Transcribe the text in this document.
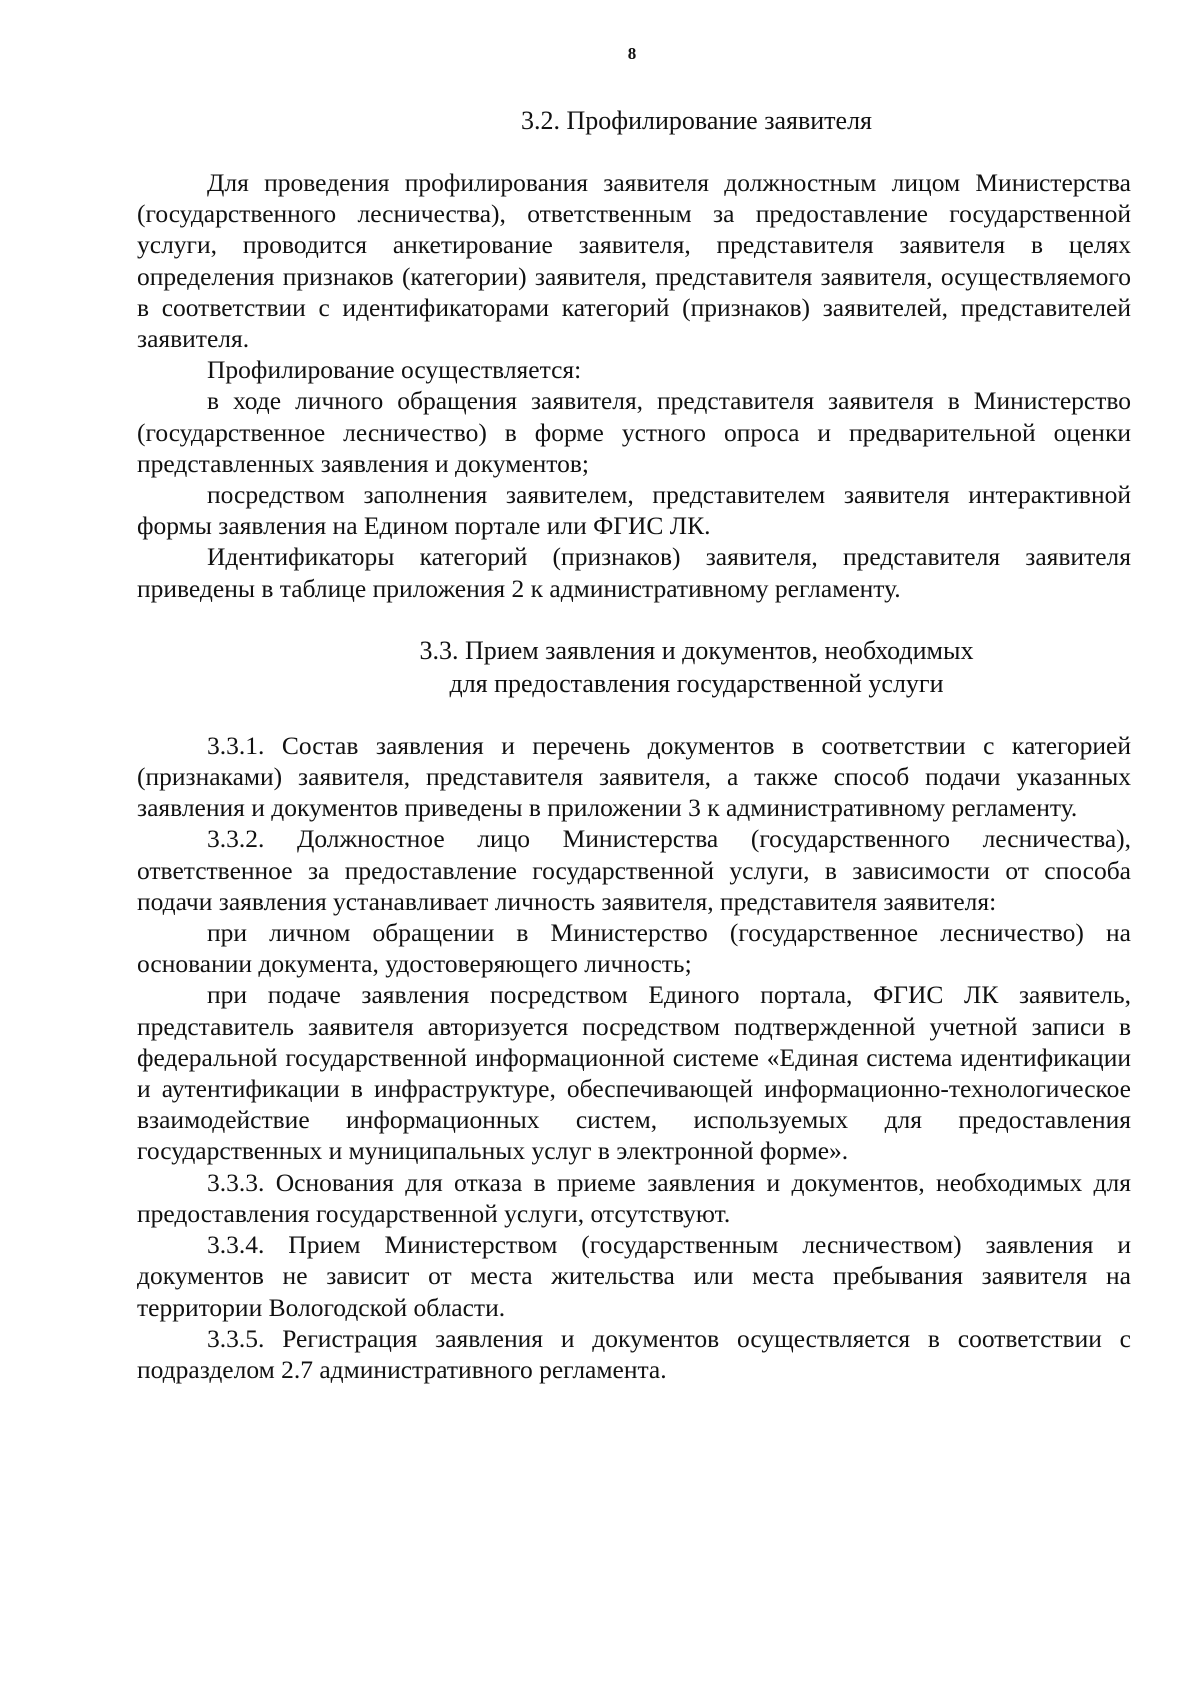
8
3.2. Профилирование заявителя

Для проведения профилирования заявителя должностным лицом Министерства (государственного лесничества), ответственным за предоставление государственной услуги, проводится анкетирование заявителя, представителя заявителя в целях определения признаков (категории) заявителя, представителя заявителя, осуществляемого в соответствии с идентификаторами категорий (признаков) заявителей, представителей заявителя.

Профилирование осуществляется:

в ходе личного обращения заявителя, представителя заявителя в Министерство (государственное лесничество) в форме устного опроса и предварительной оценки представленных заявления и документов;

посредством заполнения заявителем, представителем заявителя интерактивной формы заявления на Едином портале или ФГИС ЛК.

Идентификаторы категорий (признаков) заявителя, представителя заявителя приведены в таблице приложения 2 к административному регламенту.

3.3. Прием заявления и документов, необходимых
для предоставления государственной услуги

3.3.1. Состав заявления и перечень документов в соответствии с категорией (признаками) заявителя, представителя заявителя, а также способ подачи указанных заявления и документов приведены в приложении 3 к административному регламенту.

3.3.2. Должностное лицо Министерства (государственного лесничества), ответственное за предоставление государственной услуги, в зависимости от способа подачи заявления устанавливает личность заявителя, представителя заявителя:

при личном обращении в Министерство (государственное лесничество) на основании документа, удостоверяющего личность;

при подаче заявления посредством Единого портала, ФГИС ЛК заявитель, представитель заявителя авторизуется посредством подтвержденной учетной записи в федеральной государственной информационной системе «Единая система идентификации и аутентификации в инфраструктуре, обеспечивающей информационно-технологическое взаимодействие информационных систем, используемых для предоставления государственных и муниципальных услуг в электронной форме».

3.3.3. Основания для отказа в приеме заявления и документов, необходимых для предоставления государственной услуги, отсутствуют.

3.3.4. Прием Министерством (государственным лесничеством) заявления и документов не зависит от места жительства или места пребывания заявителя на территории Вологодской области.

3.3.5. Регистрация заявления и документов осуществляется в соответствии с подразделом 2.7 административного регламента.
